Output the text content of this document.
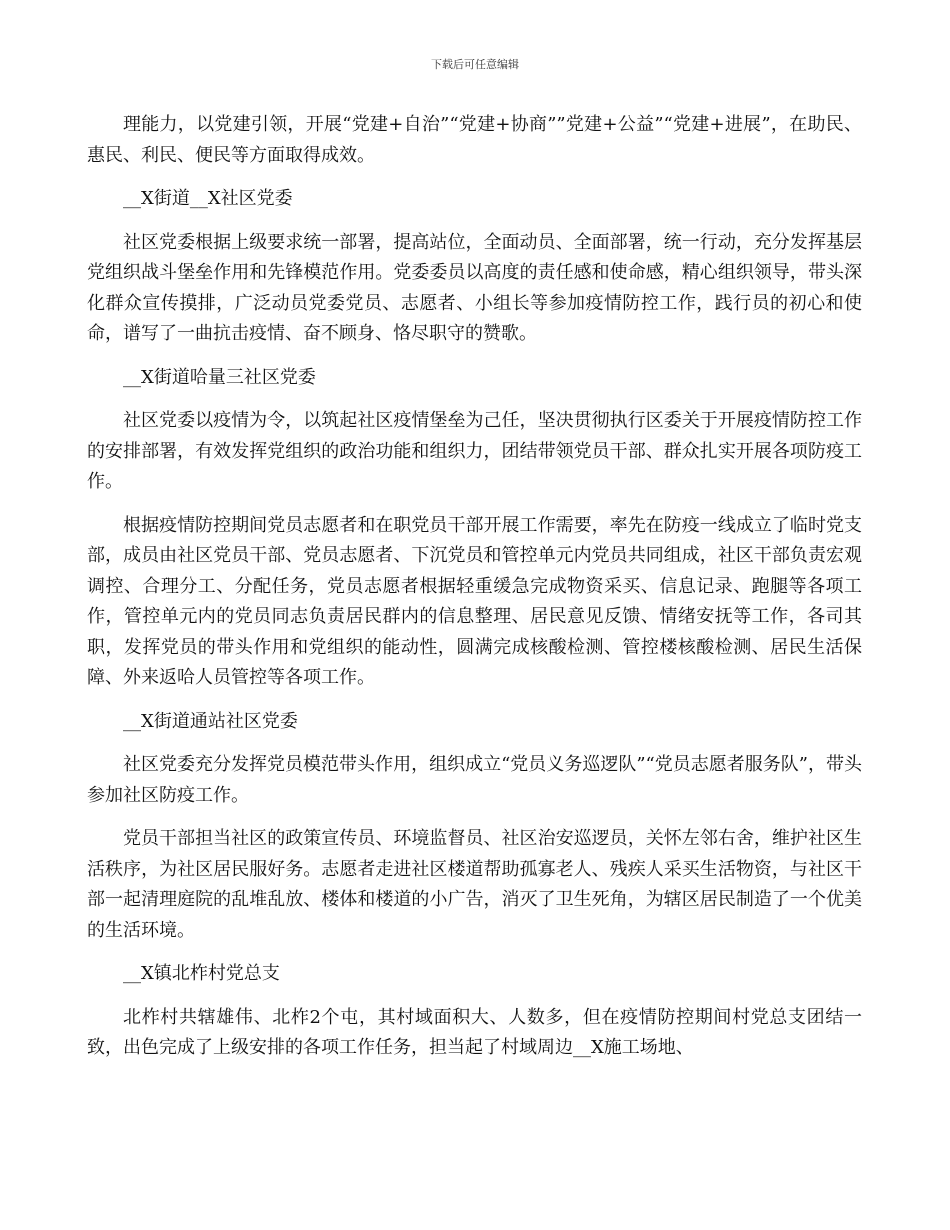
下载后可任意编辑

理能力，以党建引领，开展“党建+自治”“党建+协商””党建+公益”“党建+进展”，在助民、惠民、利民、便民等方面取得成效。

__X街道__X社区党委

社区党委根据上级要求统一部署，提高站位，全面动员、全面部署，统一行动，充分发挥基层党组织战斗堡垒作用和先锋模范作用。党委委员以高度的责任感和使命感，精心组织领导，带头深化群众宣传摸排，广泛动员党委党员、志愿者、小组长等参加疫情防控工作，践行员的初心和使命，谱写了一曲抗击疫情、奋不顾身、恪尽职守的赞歌。

__X街道哈量三社区党委

社区党委以疫情为令，以筑起社区疫情堡垒为己任，坚决贯彻执行区委关于开展疫情防控工作的安排部署，有效发挥党组织的政治功能和组织力，团结带领党员干部、群众扎实开展各项防疫工作。

根据疫情防控期间党员志愿者和在职党员干部开展工作需要，率先在防疫一线成立了临时党支部，成员由社区党员干部、党员志愿者、下沉党员和管控单元内党员共同组成，社区干部负责宏观调控、合理分工、分配任务，党员志愿者根据轻重缓急完成物资采买、信息记录、跑腿等各项工作，管控单元内的党员同志负责居民群内的信息整理、居民意见反馈、情绪安抚等工作，各司其职，发挥党员的带头作用和党组织的能动性，圆满完成核酸检测、管控楼核酸检测、居民生活保障、外来返哈人员管控等各项工作。

__X街道通站社区党委

社区党委充分发挥党员模范带头作用，组织成立“党员义务巡逻队”“党员志愿者服务队”，带头参加社区防疫工作。

党员干部担当社区的政策宣传员、环境监督员、社区治安巡逻员，关怀左邻右舍，维护社区生活秩序，为社区居民服好务。志愿者走进社区楼道帮助孤寡老人、残疾人采买生活物资，与社区干部一起清理庭院的乱堆乱放、楼体和楼道的小广告，消灭了卫生死角，为辖区居民制造了一个优美的生活环境。

__X镇北柞村党总支

北柞村共辖雄伟、北柞2个屯，其村域面积大、人数多，但在疫情防控期间村党总支团结一致，出色完成了上级安排的各项工作任务，担当起了村域周边__X施工场地、
